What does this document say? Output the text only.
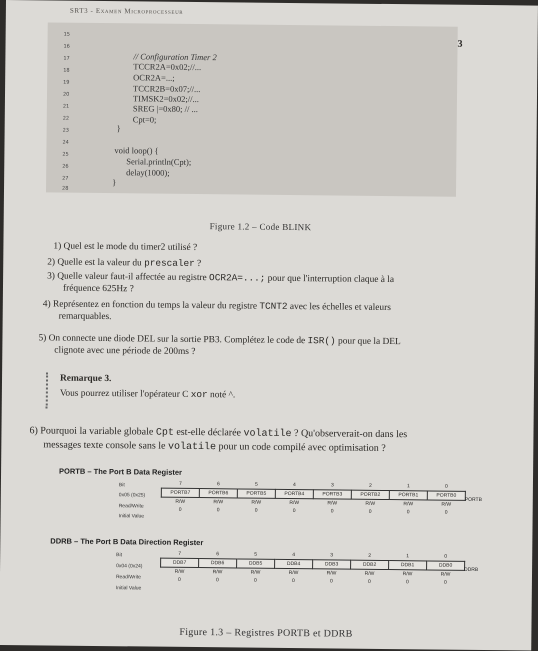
SRT3 - Examen Microprocesseur
3
15
16
17
18
19
20
21
22
23
24
25
26
27
28
// Configuration Timer 2
TCCR2A=0x02;//...
OCR2A=...;
TCCR2B=0x07;//...
TIMSK2=0x02;//...
SREG |=0x80; // ...
Cpt=0;
}
void loop() {
Serial.println(Cpt);
delay(1000);
}
Figure 1.2 – Code BLINK
1) Quel est le mode du timer2 utilisé ?
2) Quelle est la valeur du prescaler ?
3) Quelle valeur faut-il affectée au registre OCR2A=...; pour que l'interruption claque à la
fréquence 625Hz ?
4) Représentez en fonction du temps la valeur du registre TCNT2 avec les échelles et valeurs
remarquables.
5) On connecte une diode DEL sur la sortie PB3. Complétez le code de ISR() pour que la DEL
clignote avec une période de 200ms ?
Remarque 3.
Vous pourrez utiliser l'opérateur C xor noté ^.
6) Pourquoi la variable globale Cpt est-elle déclarée volatile ? Qu'observerait-on dans les
messages texte console sans le volatile pour un code compilé avec optimisation ?
PORTB – The Port B Data Register
Bit
0x05 (0x25)
Read/Write
Initial Value
7	6	5	4	3	2	1	0
PORTB7	PORTB6	PORTB5	PORTB4	PORTB3	PORTB2	PORTB1	PORTB0
R/W	R/W	R/W	R/W	R/W	R/W	R/W	R/W
0	0	0	0	0	0	0	0
PORTB
DDRB – The Port B Data Direction Register
Bit
0x04 (0x24)
Read/Write
Initial Value
7	6	5	4	3	2	1	0
DDB7	DDB6	DDB5	DDB4	DDB3	DDB2	DDB1	DDB0
R/W	R/W	R/W	R/W	R/W	R/W	R/W	R/W
0	0	0	0	0	0	0	0
DDRB
Figure 1.3 – Registres PORTB et DDRB
